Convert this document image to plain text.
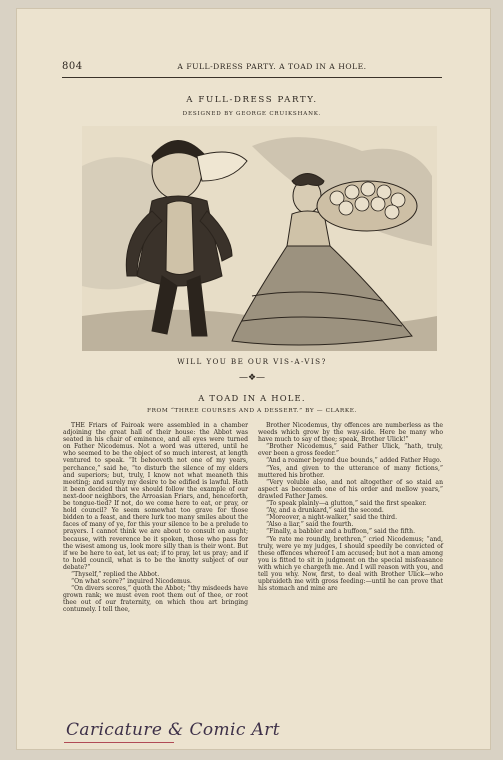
804	A FULL-DRESS PARTY. A TOAD IN A HOLE.
A FULL-DRESS PARTY.
DESIGNED BY GEORGE CRUIKSHANK.
WILL YOU BE OUR VIS-A-VIS?
—❖—
A TOAD IN A HOLE.
FROM “THREE COURSES AND A DESSERT.” BY — CLARKE.

THE Friars of Fairoak were assembled in a chamber adjoining the great hall of their house: the Abbot was seated in his chair of eminence, and all eyes were turned on Father Nicodemus. Not a word was uttered, until he who seemed to be the object of so much interest, at length ventured to speak. “It behooveth not one of my years, perchance,” said he, “to disturb the silence of my elders and superiors; but, truly, I know not what meaneth this meeting; and surely my desire to be edified is lawful. Hath it been decided that we should follow the example of our next-door neighbors, the Arroasian Friars, and, henceforth, be tongue-tied? If not, do we come here to eat, or pray, or hold council? Ye seem somewhat too grave for those bidden to a feast, and there lurk too many smiles about the faces of many of ye, for this your silence to be a prelude to prayers. I cannot think we are about to consult on aught; because, with reverence be it spoken, those who pass for the wisest among us, look more silly than is their wont. But if we be here to eat, let us eat; if to pray, let us pray; and if to hold council, what is to be the knotty subject of our debate?”

“Thyself,” replied the Abbot.

“On what score?” inquired Nicodemus.

“On divers scores,” quoth the Abbot; “thy misdeeds have grown rank; we must even root them out of thee, or root thee out of our fraternity, on which thou art bringing contumely. I tell thee,

Brother Nicodemus, thy offences are numberless as the weeds which grow by the way-side. Here be many who have much to say of thee; speak, Brother Ulick!”

“Brother Nicodemus,” said Father Ulick, “hath, truly, ever been a gross feeder.”

“And a roamer beyond due bounds,” added Father Hugo.

“Yes, and given to the utterance of many fictions,” muttered his brother.

“Very voluble also, and not altogether of so staid an aspect as becometh one of his order and mellow years,” drawled Father James.

“To speak plainly—a glutton,” said the first speaker.

“Ay, and a drunkard,” said the second.

“Moreover, a night-walker,” said the third.

“Also a liar,” said the fourth.

“Finally, a babbler and a buffoon,” said the fifth.

“Ye rate me roundly, brethren,” cried Nicodemus; “and, truly, were ye my judges, I should speedily be convicted of these offences whereof I am accused; but not a man among you is fitted to sit in judgment on the special misfeasance with which ye chargeth me. And I will reason with you, and tell you why. Now, first, to deal with Brother Ulick—who upbraideth me with gross feeding:—until he can prove that his stomach and mine are

Caricature & Comic Art
